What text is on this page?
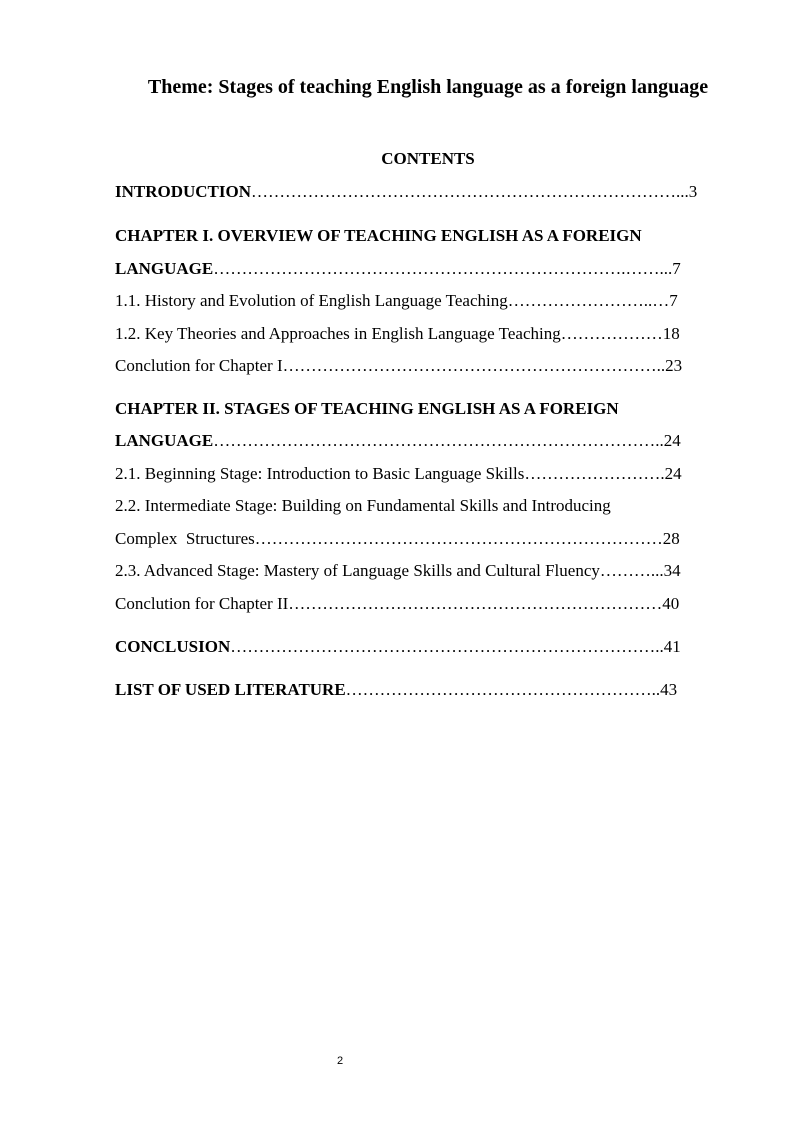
Theme: Stages of teaching English language as a foreign language
CONTENTS
INTRODUCTION…………………………………………………………………...3
CHAPTER I. OVERVIEW OF TEACHING ENGLISH AS A FOREIGN
LANGUAGE……………………………………………………………….……...7
1.1. History and Evolution of English Language Teaching……………………..…7
1.2. Key Theories and Approaches in English Language Teaching………………18
Conclution for Chapter I…………………………………………………………..23
CHAPTER II. STAGES OF TEACHING ENGLISH AS A FOREIGN
LANGUAGE……………………………………………………………………..24
2.1. Beginning Stage: Introduction to Basic Language Skills…………………….24
2.2. Intermediate Stage: Building on Fundamental Skills and Introducing
Complex  Structures………………………………………………………………28
2.3. Advanced Stage: Mastery of Language Skills and Cultural Fluency………...34
Conclution for Chapter II…………………………………………………………40
CONCLUSION…………………………………………………………………..41
LIST OF USED LITERATURE………………………………………………..43
2
